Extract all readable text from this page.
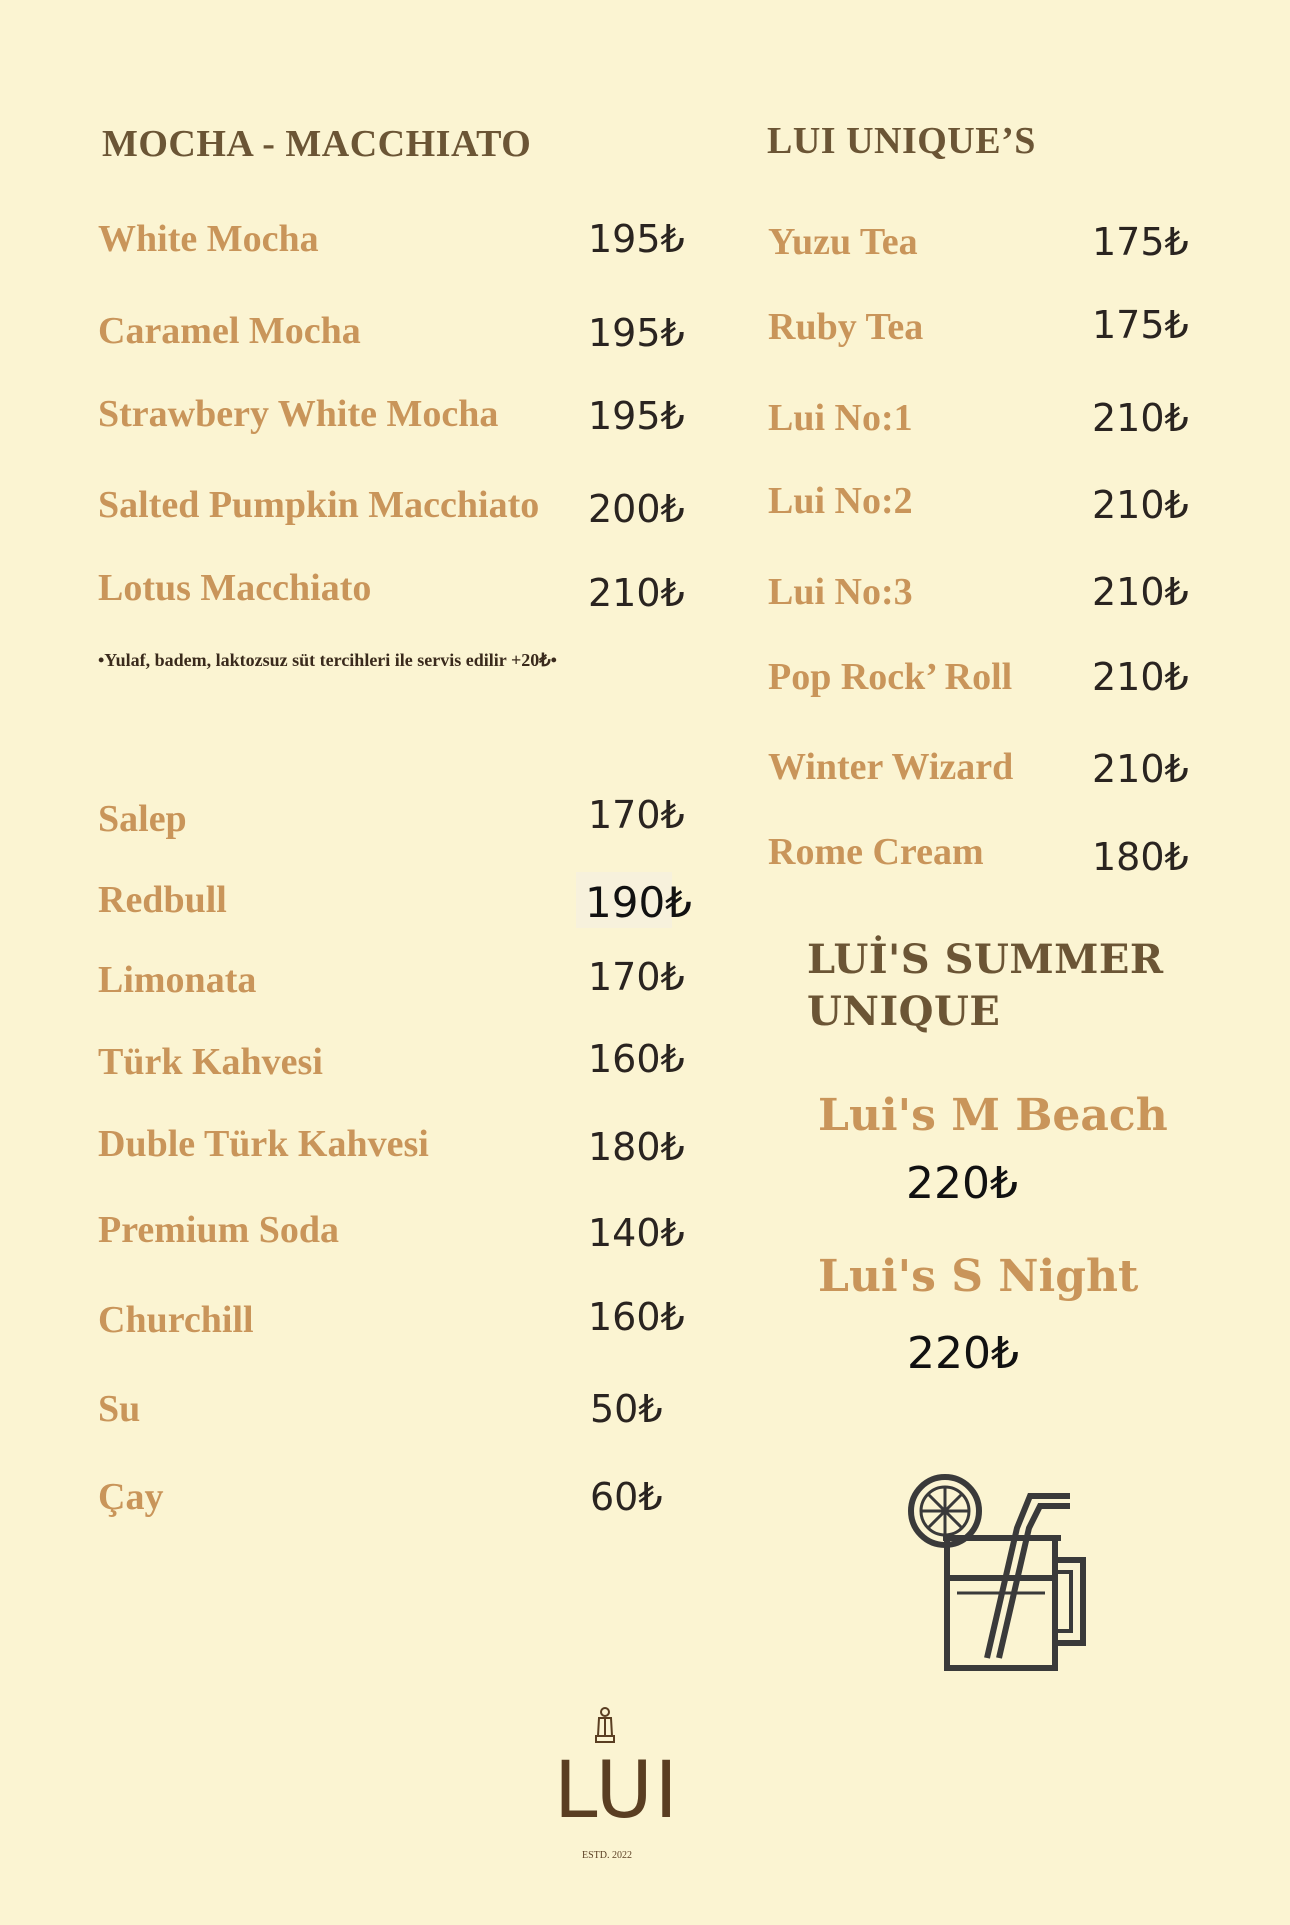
MOCHA - MACCHIATO
White Mocha	195₺
Caramel Mocha	195₺
Strawbery White Mocha 195₺
Salted Pumpkin Macchiato 200₺
Lotus Macchiato	210₺
•Yulaf, badem, laktozsuz süt tercihleri ile servis edilir +20₺•
Salep	170₺
Redbull	190₺
Limonata	170₺
Türk Kahvesi	160₺
Duble Türk Kahvesi	180₺
Premium Soda	140₺
Churchill	160₺
Su	50₺
Çay	60₺
LUI UNIQUE’S
Yuzu Tea	175₺
Ruby Tea	175₺
Lui No:1	210₺
Lui No:2	210₺
Lui No:3	210₺
Pop Rock’ Roll 210₺
Winter Wizard 210₺
Rome Cream	180₺
LUİ'S SUMMER
UNIQUE
Lui's M Beach
220₺
Lui's S Night
220₺
LUI
ESTD. 2022
